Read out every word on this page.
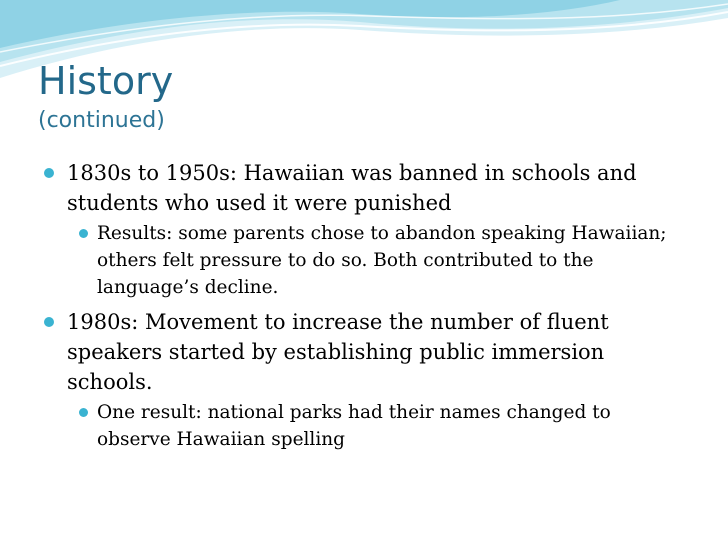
History
(continued)
1830s to 1950s: Hawaiian was banned in schools and students who used it were punished
Results: some parents chose to abandon speaking Hawaiian; others felt pressure to do so. Both contributed to the language’s decline.
1980s: Movement to increase the number of fluent speakers started by establishing public immersion schools.
One result: national parks had their names changed to observe Hawaiian spelling
